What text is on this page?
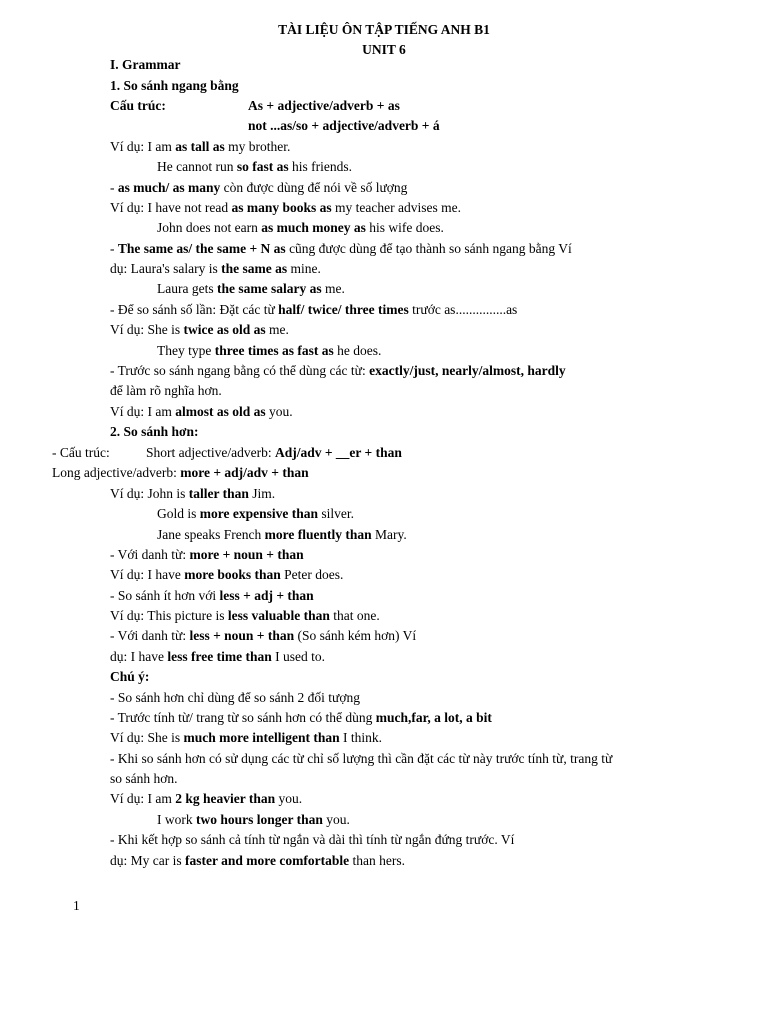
TÀI LIỆU ÔN TẬP TIẾNG ANH B1
UNIT 6
I. Grammar
1. So sánh ngang bằng
Cấu trúc:	As + adjective/adverb + as
not ...as/so + adjective/adverb + á
Ví dụ: I am as tall as my brother.
He cannot run so fast as his friends.
- as much/ as many còn được dùng để nói về số lượng
Ví dụ: I have not read as many books as my teacher advises me.
John does not earn as much money as his wife does.
- The same as/ the same + N as cũng được dùng để tạo thành so sánh ngang bằng Ví
dụ: Laura's salary is the same as mine.
Laura gets the same salary as me.
- Để so sánh số lần: Đặt các từ half/ twice/ three times trước as...............as
Ví dụ: She is twice as old as me.
They type three times as fast as he does.
- Trước so sánh ngang bằng có thể dùng các từ: exactly/just, nearly/almost, hardly
để làm rõ nghĩa hơn.
Ví dụ: I am almost as old as you.
2. So sánh hơn:
- Cấu trúc:	Short adjective/adverb: Adj/adv + __er + than
Long adjective/adverb: more + adj/adv + than
Ví dụ: John is taller than Jim.
Gold is more expensive than silver.
Jane speaks French more fluently than Mary.
- Với danh từ: more + noun + than
Ví dụ: I have more books than Peter does.
- So sánh ít hơn với less + adj + than
Ví dụ: This picture is less valuable than that one.
- Với danh từ: less + noun + than (So sánh kém hơn) Ví
dụ: I have less free time than I used to.
Chú ý:
- So sánh hơn chỉ dùng để so sánh 2 đối tượng
- Trước tính từ/ trang từ so sánh hơn có thể dùng much,far, a lot, a bit
Ví dụ: She is much more intelligent than I think.
- Khi so sánh hơn có sử dụng các từ chỉ số lượng thì cần đặt các từ này trước tính từ, trang từ
so sánh hơn.
Ví dụ: I am 2 kg heavier than you.
I work two hours longer than you.
- Khi kết hợp so sánh cả tính từ ngắn và dài thì tính từ ngắn đứng trước. Ví
dụ: My car is faster and more comfortable than hers.
1
